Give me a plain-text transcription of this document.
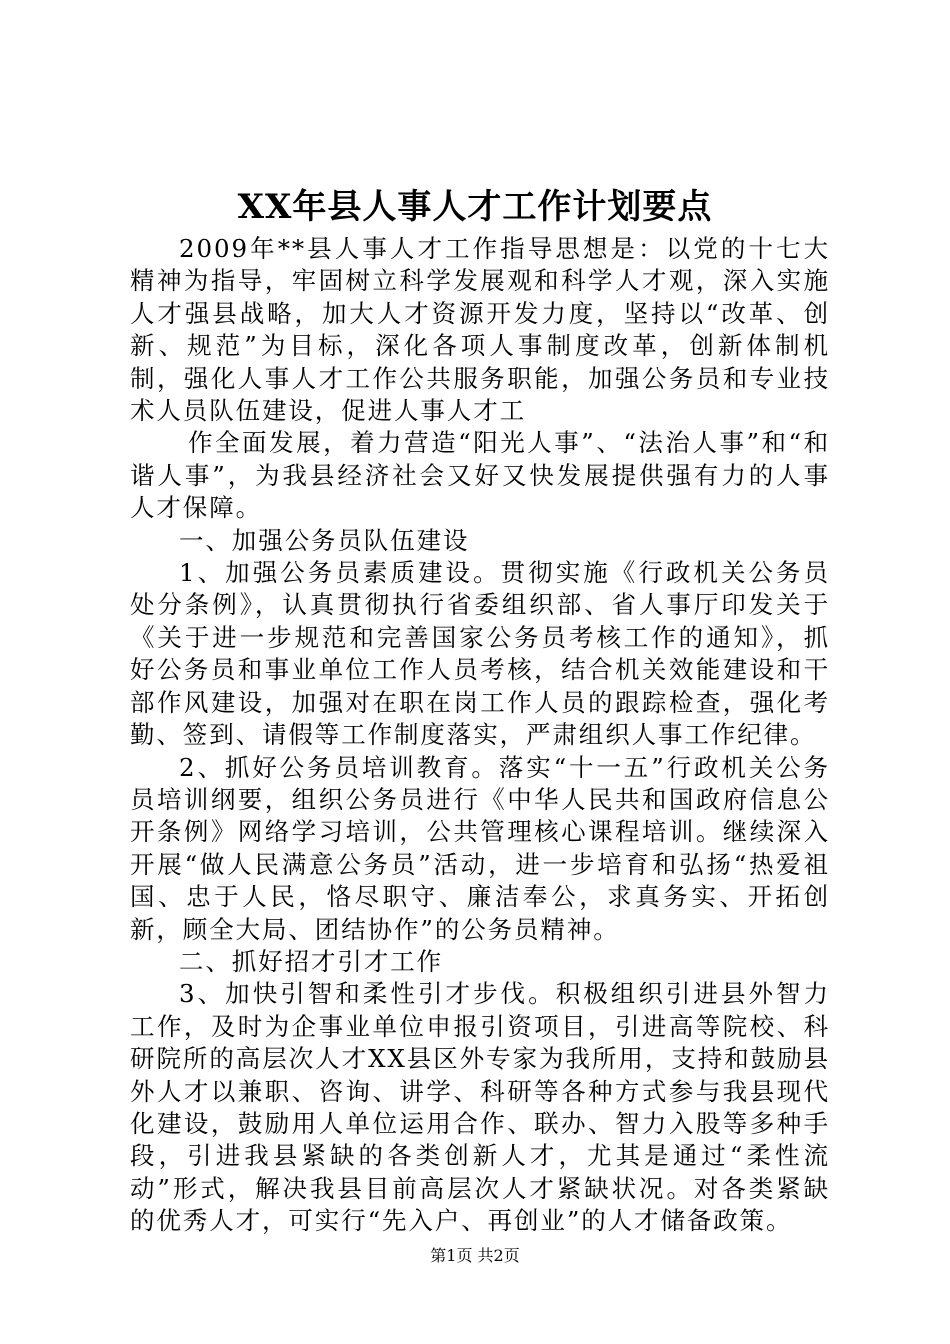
XX年县人事人才工作计划要点

2009年**县人事人才工作指导思想是：以党的十七大精神为指导，牢固树立科学发展观和科学人才观，深入实施人才强县战略，加大人才资源开发力度，坚持以“改革、创新、规范”为目标，深化各项人事制度改革，创新体制机制，强化人事人才工作公共服务职能，加强公务员和专业技术人员队伍建设，促进人事人才工

作全面发展，着力营造“阳光人事”、“法治人事”和“和谐人事”，为我县经济社会又好又快发展提供强有力的人事人才保障。

一、加强公务员队伍建设

1、加强公务员素质建设。贯彻实施《行政机关公务员处分条例》，认真贯彻执行省委组织部、省人事厅印发关于《关于进一步规范和完善国家公务员考核工作的通知》，抓好公务员和事业单位工作人员考核，结合机关效能建设和干部作风建设，加强对在职在岗工作人员的跟踪检查，强化考勤、签到、请假等工作制度落实，严肃组织人事工作纪律。

2、抓好公务员培训教育。落实“十一五”行政机关公务员培训纲要，组织公务员进行《中华人民共和国政府信息公开条例》网络学习培训，公共管理核心课程培训。继续深入开展“做人民满意公务员”活动，进一步培育和弘扬“热爱祖国、忠于人民，恪尽职守、廉洁奉公，求真务实、开拓创新，顾全大局、团结协作”的公务员精神。

二、抓好招才引才工作

3、加快引智和柔性引才步伐。积极组织引进县外智力工作，及时为企事业单位申报引资项目，引进高等院校、科研院所的高层次人才XX县区外专家为我所用，支持和鼓励县外人才以兼职、咨询、讲学、科研等各种方式参与我县现代化建设，鼓励用人单位运用合作、联办、智力入股等多种手段，引进我县紧缺的各类创新人才，尤其是通过“柔性流动”形式，解决我县目前高层次人才紧缺状况。对各类紧缺的优秀人才，可实行“先入户、再创业”的人才储备政策。

第1页 共2页
